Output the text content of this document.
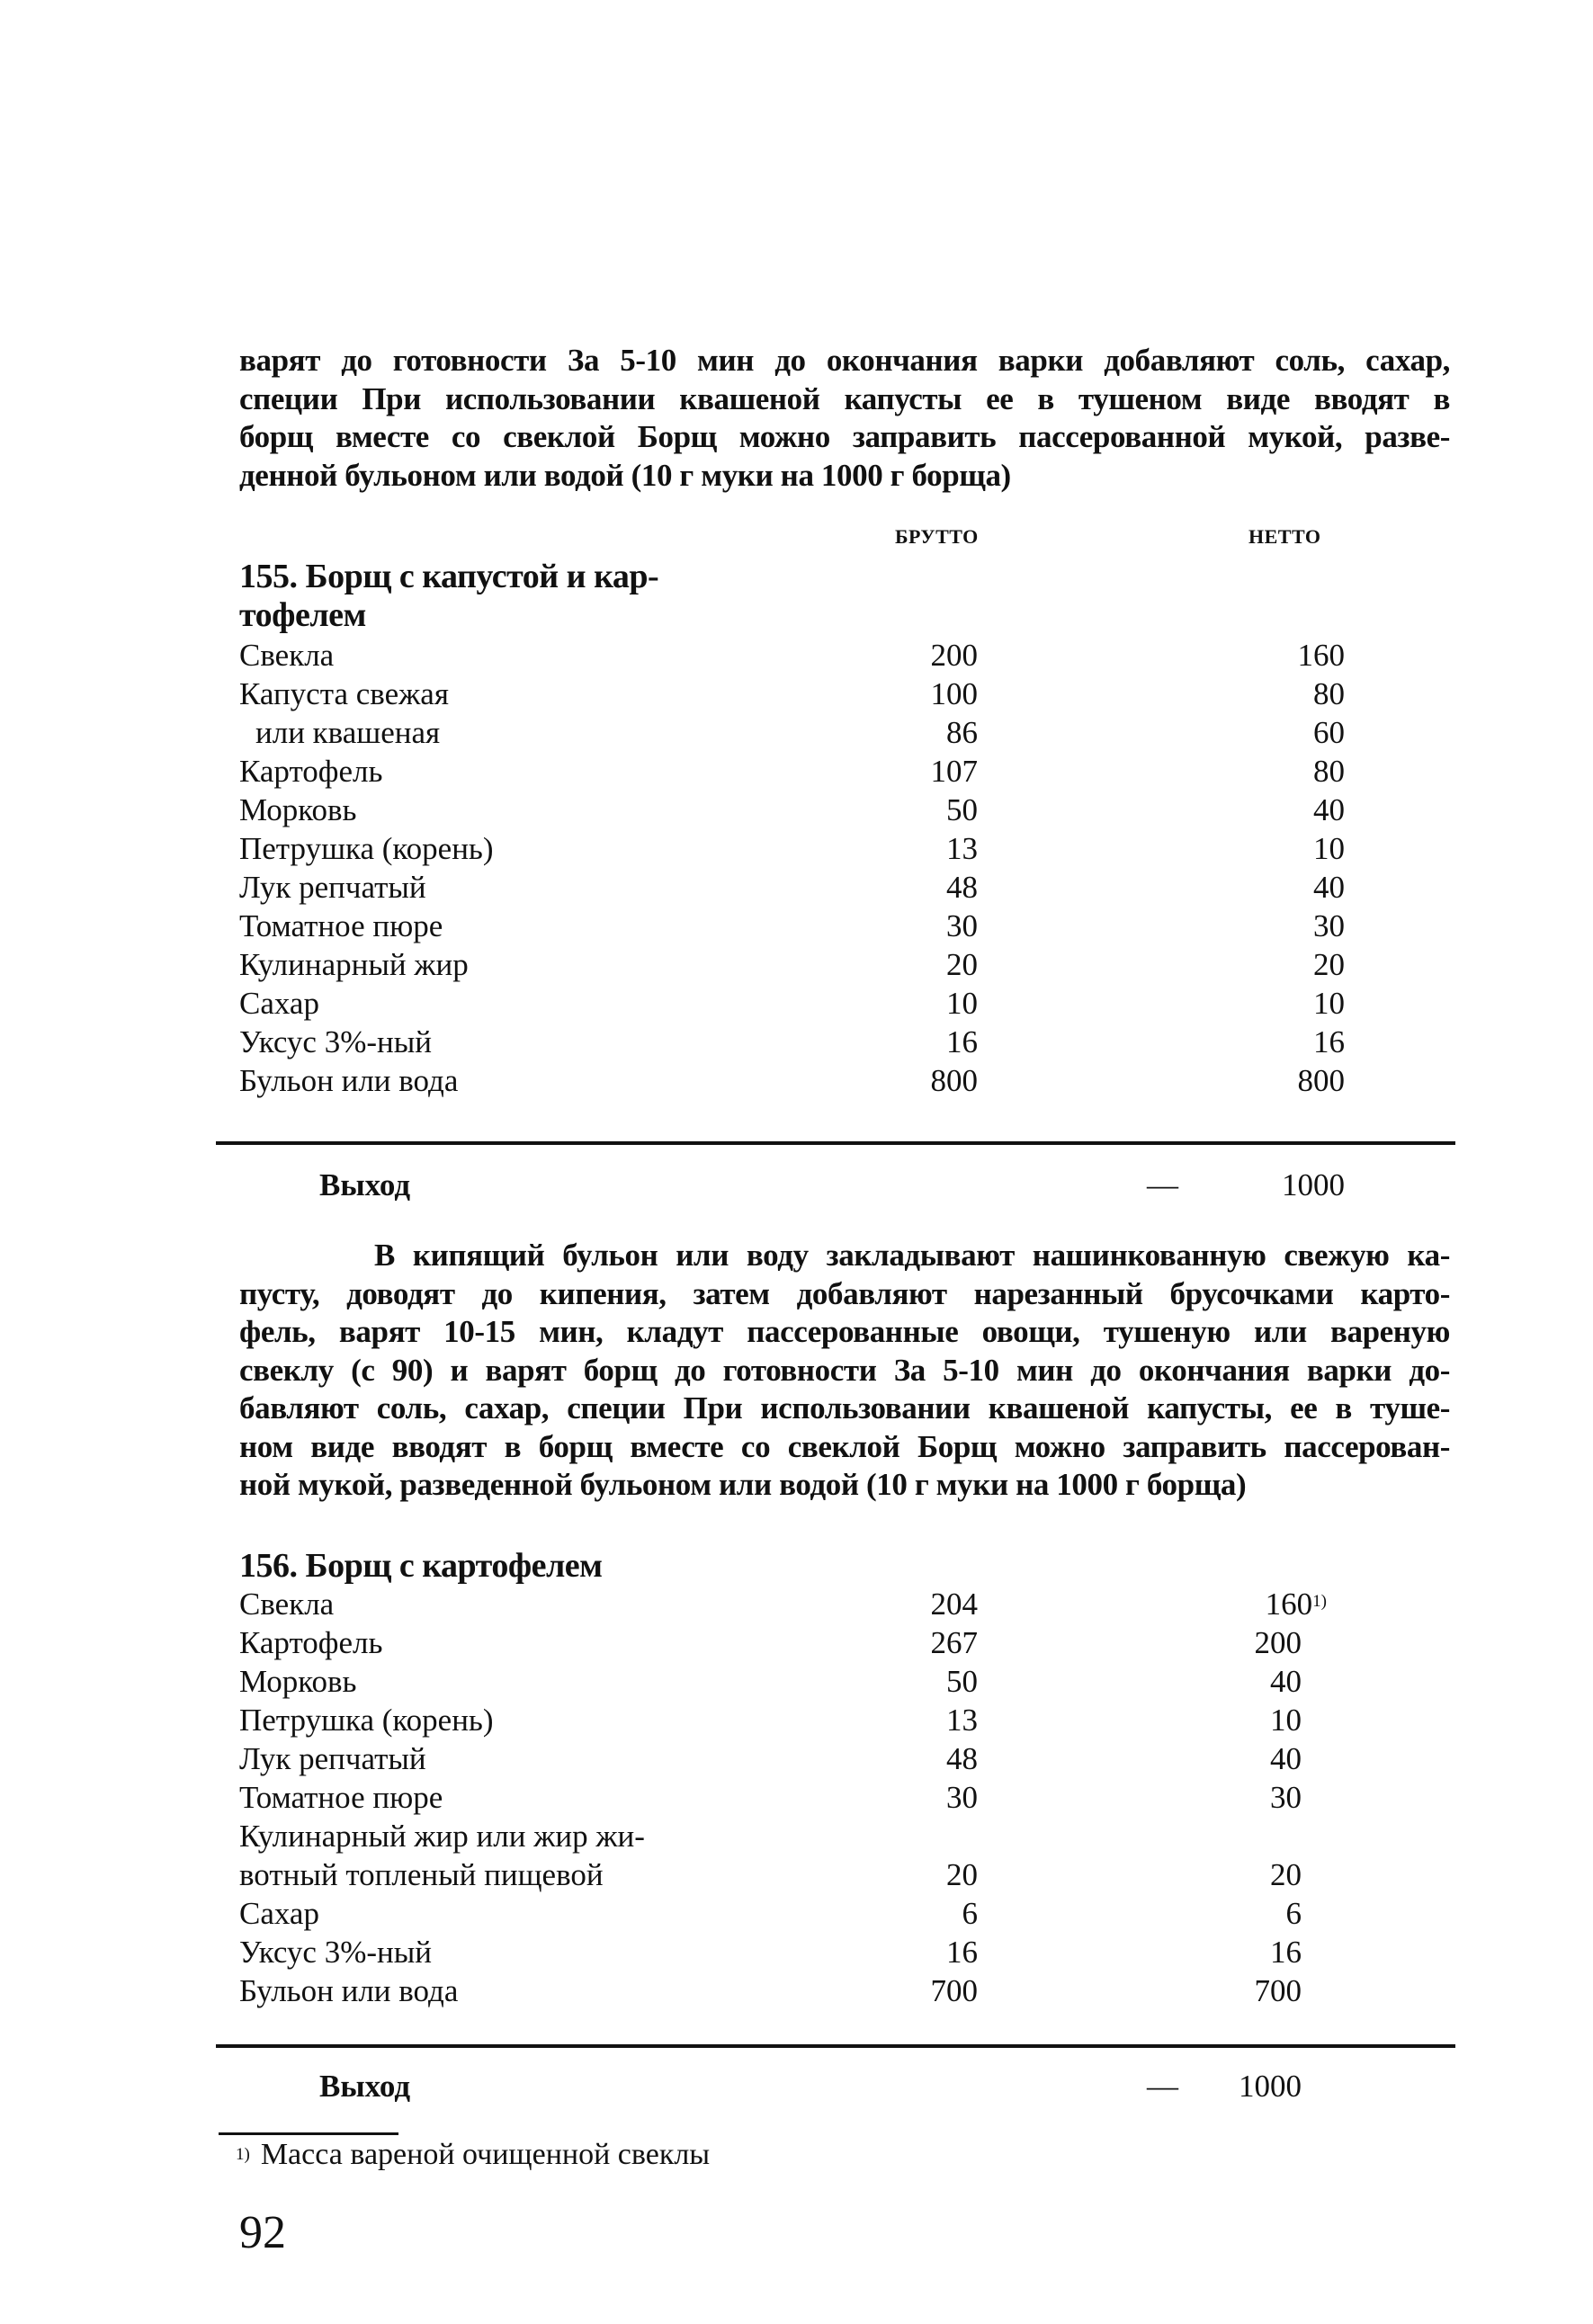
варят до готовности За 5-10 мин до окончания варки добавляют соль, сахар,
специи При использовании квашеной капусты ее в тушеном виде вводят в
борщ вместе со свеклой Борщ можно заправить пассерованной мукой, разве-
денной бульоном или водой (10 г муки на 1000 г борща)
БРУТТО	НЕТТО
155. Борщ с капустой и кар-
тофелем
Свекла	200	160
Капуста свежая	100	80
или квашеная	86	60
Картофель	107	80
Морковь	50	40
Петрушка (корень)	13	10
Лук репчатый	48	40
Томатное пюре	30	30
Кулинарный жир	20	20
Сахар	10	10
Уксус 3%-ный	16	16
Бульон или вода	800	800
Выход	—	1000
В кипящий бульон или воду закладывают нашинкованную свежую ка-
пусту, доводят до кипения, затем добавляют нарезанный брусочками карто-
фель, варят 10-15 мин, кладут пассерованные овощи, тушеную или вареную
свеклу (с 90) и варят борщ до готовности За 5-10 мин до окончания варки до-
бавляют соль, сахар, специи При использовании квашеной капусты, ее в туше-
ном виде вводят в борщ вместе со свеклой Борщ можно заправить пассерован-
ной мукой, разведенной бульоном или водой (10 г муки на 1000 г борща)
156. Борщ с картофелем
Свекла	204	160$^{1)}$
Картофель	267	200
Морковь	50	40
Петрушка (корень)	13	10
Лук репчатый	48	40
Томатное пюре	30	30
Кулинарный жир или жир жи-
вотный топленый пищевой	20	20
Сахар	6	6
Уксус 3%-ный	16	16
Бульон или вода	700	700
Выход	— 1000
$^{1)}$ Масса вареной очищенной свеклы
92
